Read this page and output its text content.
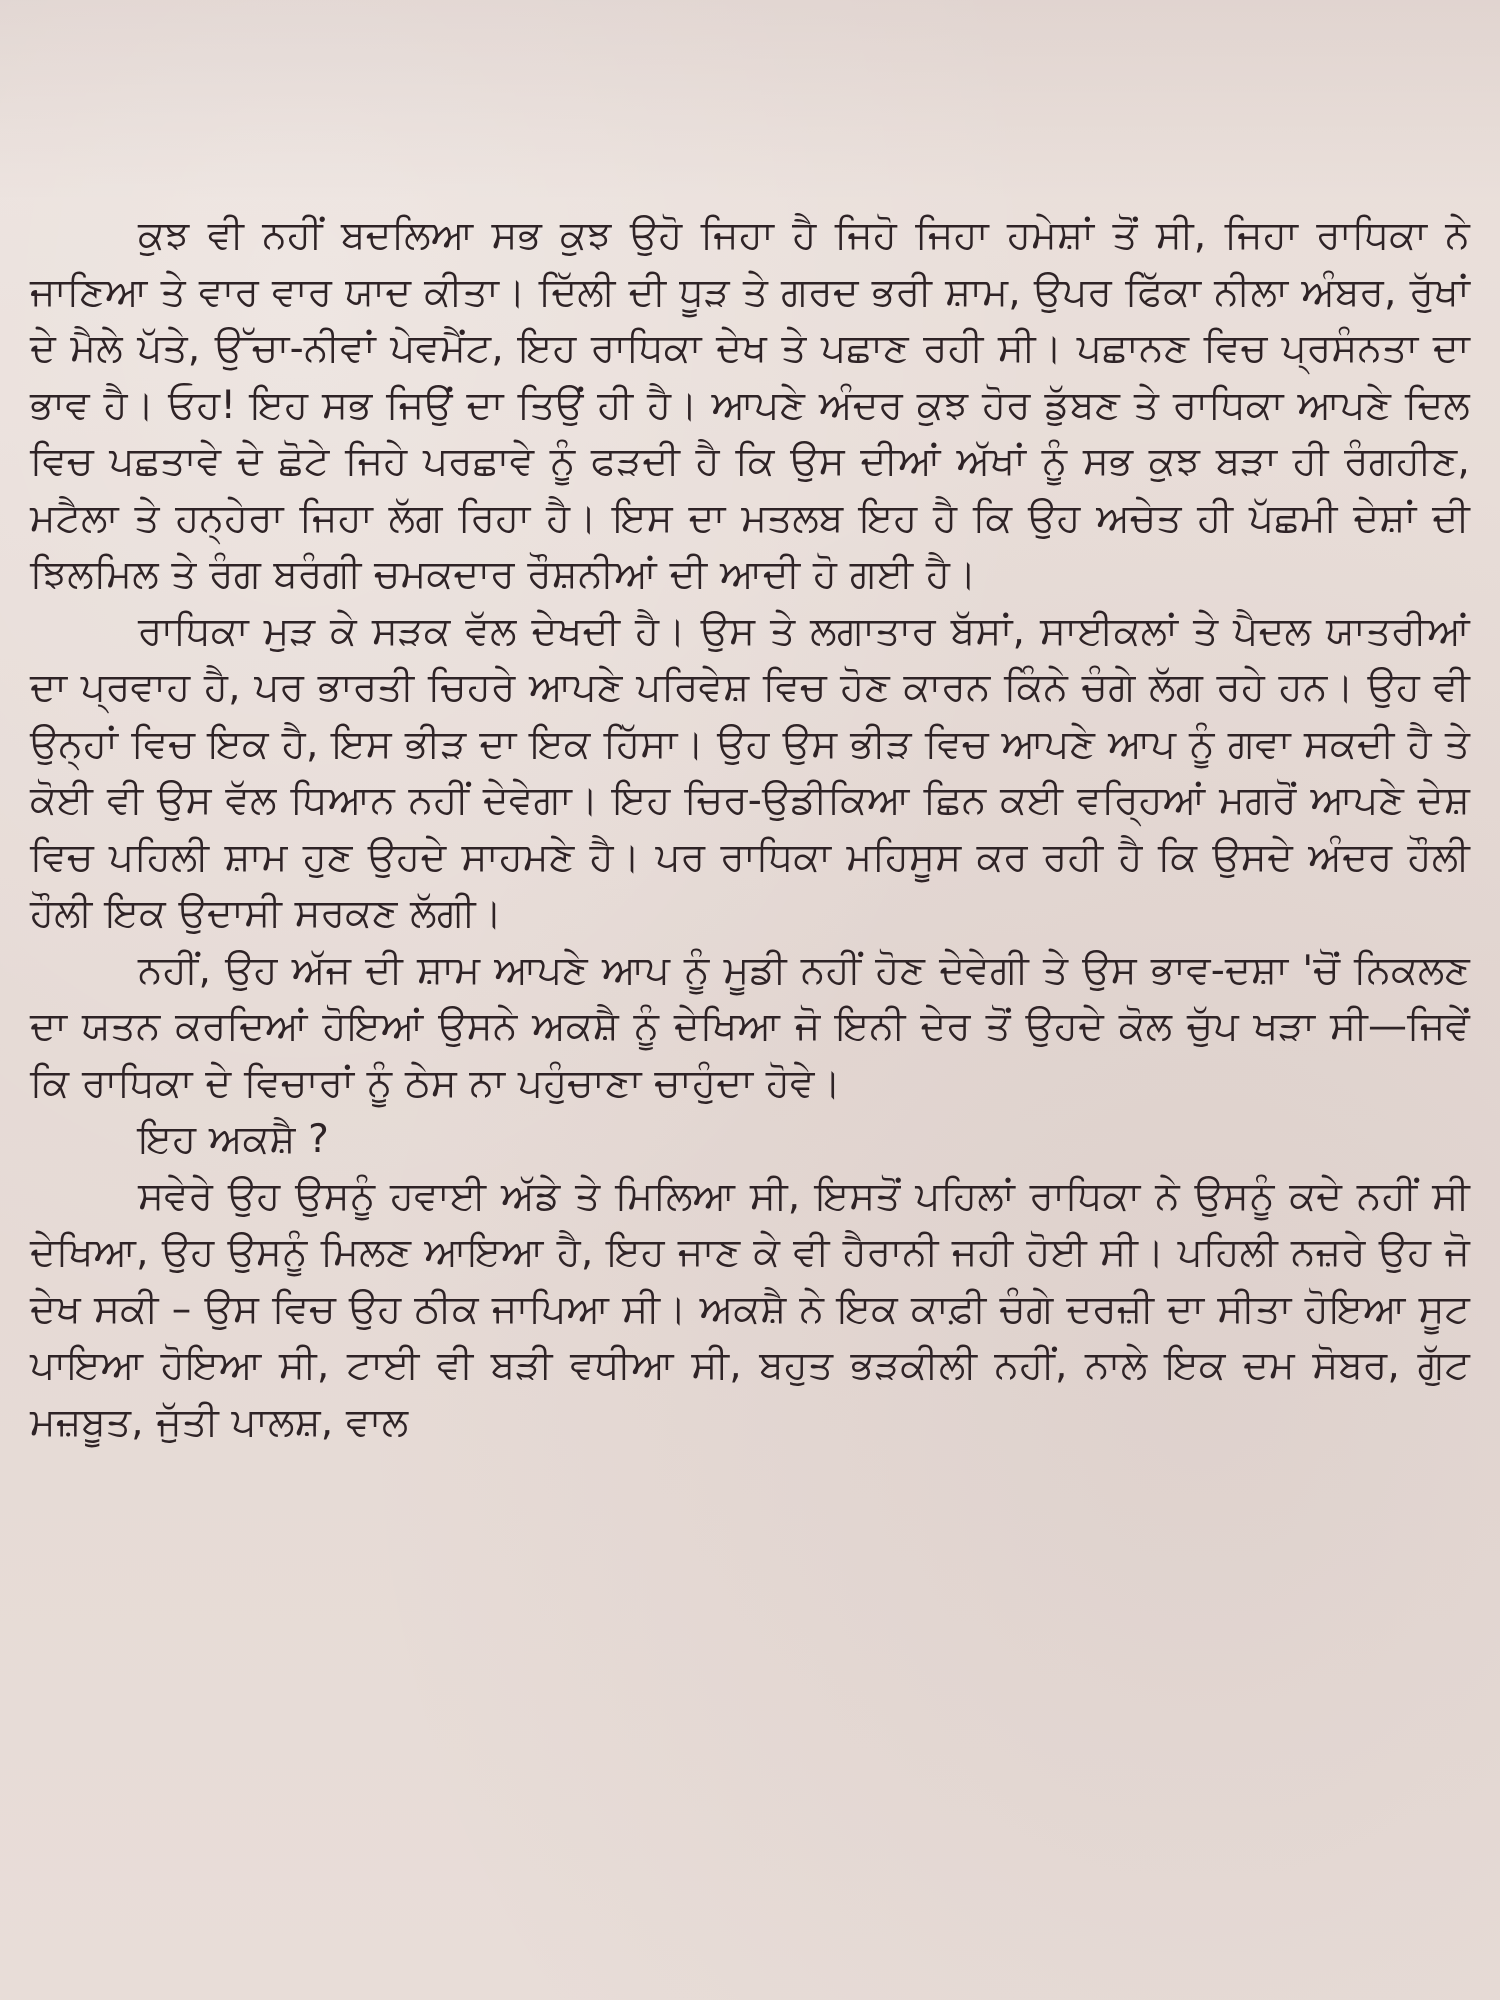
ਕੁਝ ਵੀ ਨਹੀਂ ਬਦਲਿਆ ਸਭ ਕੁਝ ਉਹੋ ਜਿਹਾ ਹੈ ਜਿਹੋ ਜਿਹਾ ਹਮੇਸ਼ਾਂ ਤੋਂ ਸੀ, ਜਿਹਾ ਰਾਧਿਕਾ ਨੇ ਜਾਣਿਆ ਤੇ ਵਾਰ ਵਾਰ ਯਾਦ ਕੀਤਾ। ਦਿੱਲੀ ਦੀ ਧੂੜ ਤੇ ਗਰਦ ਭਰੀ ਸ਼ਾਮ, ਉਪਰ ਫਿੱਕਾ ਨੀਲਾ ਅੰਬਰ, ਰੁੱਖਾਂ ਦੇ ਮੈਲੇ ਪੱਤੇ, ਉੱਚਾ-ਨੀਵਾਂ ਪੇਵਮੈਂਟ, ਇਹ ਰਾਧਿਕਾ ਦੇਖ ਤੇ ਪਛਾਣ ਰਹੀ ਸੀ। ਪਛਾਨਣ ਵਿਚ ਪ੍ਰਸੰਨਤਾ ਦਾ ਭਾਵ ਹੈ। ਓਹ! ਇਹ ਸਭ ਜਿਉਂ ਦਾ ਤਿਉਂ ਹੀ ਹੈ। ਆਪਣੇ ਅੰਦਰ ਕੁਝ ਹੋਰ ਡੁੱਬਣ ਤੇ ਰਾਧਿਕਾ ਆਪਣੇ ਦਿਲ ਵਿਚ ਪਛਤਾਵੇ ਦੇ ਛੋਟੇ ਜਿਹੇ ਪਰਛਾਵੇ ਨੂੰ ਫੜਦੀ ਹੈ ਕਿ ਉਸ ਦੀਆਂ ਅੱਖਾਂ ਨੂੰ ਸਭ ਕੁਝ ਬੜਾ ਹੀ ਰੰਗਹੀਣ, ਮਟੈਲਾ ਤੇ ਹਨ੍ਹੇਰਾ ਜਿਹਾ ਲੱਗ ਰਿਹਾ ਹੈ। ਇਸ ਦਾ ਮਤਲਬ ਇਹ ਹੈ ਕਿ ਉਹ ਅਚੇਤ ਹੀ ਪੱਛਮੀ ਦੇਸ਼ਾਂ ਦੀ ਝਿਲਮਿਲ ਤੇ ਰੰਗ ਬਰੰਗੀ ਚਮਕਦਾਰ ਰੌਸ਼ਨੀਆਂ ਦੀ ਆਦੀ ਹੋ ਗਈ ਹੈ।

ਰਾਧਿਕਾ ਮੁੜ ਕੇ ਸੜਕ ਵੱਲ ਦੇਖਦੀ ਹੈ। ਉਸ ਤੇ ਲਗਾਤਾਰ ਬੱਸਾਂ, ਸਾਈਕਲਾਂ ਤੇ ਪੈਦਲ ਯਾਤਰੀਆਂ ਦਾ ਪ੍ਰਵਾਹ ਹੈ, ਪਰ ਭਾਰਤੀ ਚਿਹਰੇ ਆਪਣੇ ਪਰਿਵੇਸ਼ ਵਿਚ ਹੋਣ ਕਾਰਨ ਕਿੰਨੇ ਚੰਗੇ ਲੱਗ ਰਹੇ ਹਨ। ਉਹ ਵੀ ਉਨ੍ਹਾਂ ਵਿਚ ਇਕ ਹੈ, ਇਸ ਭੀੜ ਦਾ ਇਕ ਹਿੱਸਾ। ਉਹ ਉਸ ਭੀੜ ਵਿਚ ਆਪਣੇ ਆਪ ਨੂੰ ਗਵਾ ਸਕਦੀ ਹੈ ਤੇ ਕੋਈ ਵੀ ਉਸ ਵੱਲ ਧਿਆਨ ਨਹੀਂ ਦੇਵੇਗਾ। ਇਹ ਚਿਰ-ਉਡੀਕਿਆ ਛਿਨ ਕਈ ਵਰ੍ਹਿਆਂ ਮਗਰੋਂ ਆਪਣੇ ਦੇਸ਼ ਵਿਚ ਪਹਿਲੀ ਸ਼ਾਮ ਹੁਣ ਉਹਦੇ ਸਾਹਮਣੇ ਹੈ। ਪਰ ਰਾਧਿਕਾ ਮਹਿਸੂਸ ਕਰ ਰਹੀ ਹੈ ਕਿ ਉਸਦੇ ਅੰਦਰ ਹੌਲੀ ਹੌਲੀ ਇਕ ਉਦਾਸੀ ਸਰਕਣ ਲੱਗੀ।

ਨਹੀਂ, ਉਹ ਅੱਜ ਦੀ ਸ਼ਾਮ ਆਪਣੇ ਆਪ ਨੂੰ ਮੂਡੀ ਨਹੀਂ ਹੋਣ ਦੇਵੇਗੀ ਤੇ ਉਸ ਭਾਵ-ਦਸ਼ਾ 'ਚੋਂ ਨਿਕਲਣ ਦਾ ਯਤਨ ਕਰਦਿਆਂ ਹੋਇਆਂ ਉਸਨੇ ਅਕਸ਼ੈ ਨੂੰ ਦੇਖਿਆ ਜੋ ਇਨੀ ਦੇਰ ਤੋਂ ਉਹਦੇ ਕੋਲ ਚੁੱਪ ਖੜਾ ਸੀ—ਜਿਵੇਂ ਕਿ ਰਾਧਿਕਾ ਦੇ ਵਿਚਾਰਾਂ ਨੂੰ ਠੇਸ ਨਾ ਪਹੁੰਚਾਣਾ ਚਾਹੁੰਦਾ ਹੋਵੇ।

ਇਹ ਅਕਸ਼ੈ ?

ਸਵੇਰੇ ਉਹ ਉਸਨੂੰ ਹਵਾਈ ਅੱਡੇ ਤੇ ਮਿਲਿਆ ਸੀ, ਇਸਤੋਂ ਪਹਿਲਾਂ ਰਾਧਿਕਾ ਨੇ ਉਸਨੂੰ ਕਦੇ ਨਹੀਂ ਸੀ ਦੇਖਿਆ, ਉਹ ਉਸਨੂੰ ਮਿਲਣ ਆਇਆ ਹੈ, ਇਹ ਜਾਣ ਕੇ ਵੀ ਹੈਰਾਨੀ ਜਹੀ ਹੋਈ ਸੀ। ਪਹਿਲੀ ਨਜ਼ਰੇ ਉਹ ਜੋ ਦੇਖ ਸਕੀ – ਉਸ ਵਿਚ ਉਹ ਠੀਕ ਜਾਪਿਆ ਸੀ। ਅਕਸ਼ੈ ਨੇ ਇਕ ਕਾਫ਼ੀ ਚੰਗੇ ਦਰਜ਼ੀ ਦਾ ਸੀਤਾ ਹੋਇਆ ਸੂਟ ਪਾਇਆ ਹੋਇਆ ਸੀ, ਟਾਈ ਵੀ ਬੜੀ ਵਧੀਆ ਸੀ, ਬਹੁਤ ਭੜਕੀਲੀ ਨਹੀਂ, ਨਾਲੇ ਇਕ ਦਮ ਸੋਬਰ, ਗੁੱਟ ਮਜ਼ਬੂਤ, ਜੁੱਤੀ ਪਾਲਸ਼, ਵਾਲ
